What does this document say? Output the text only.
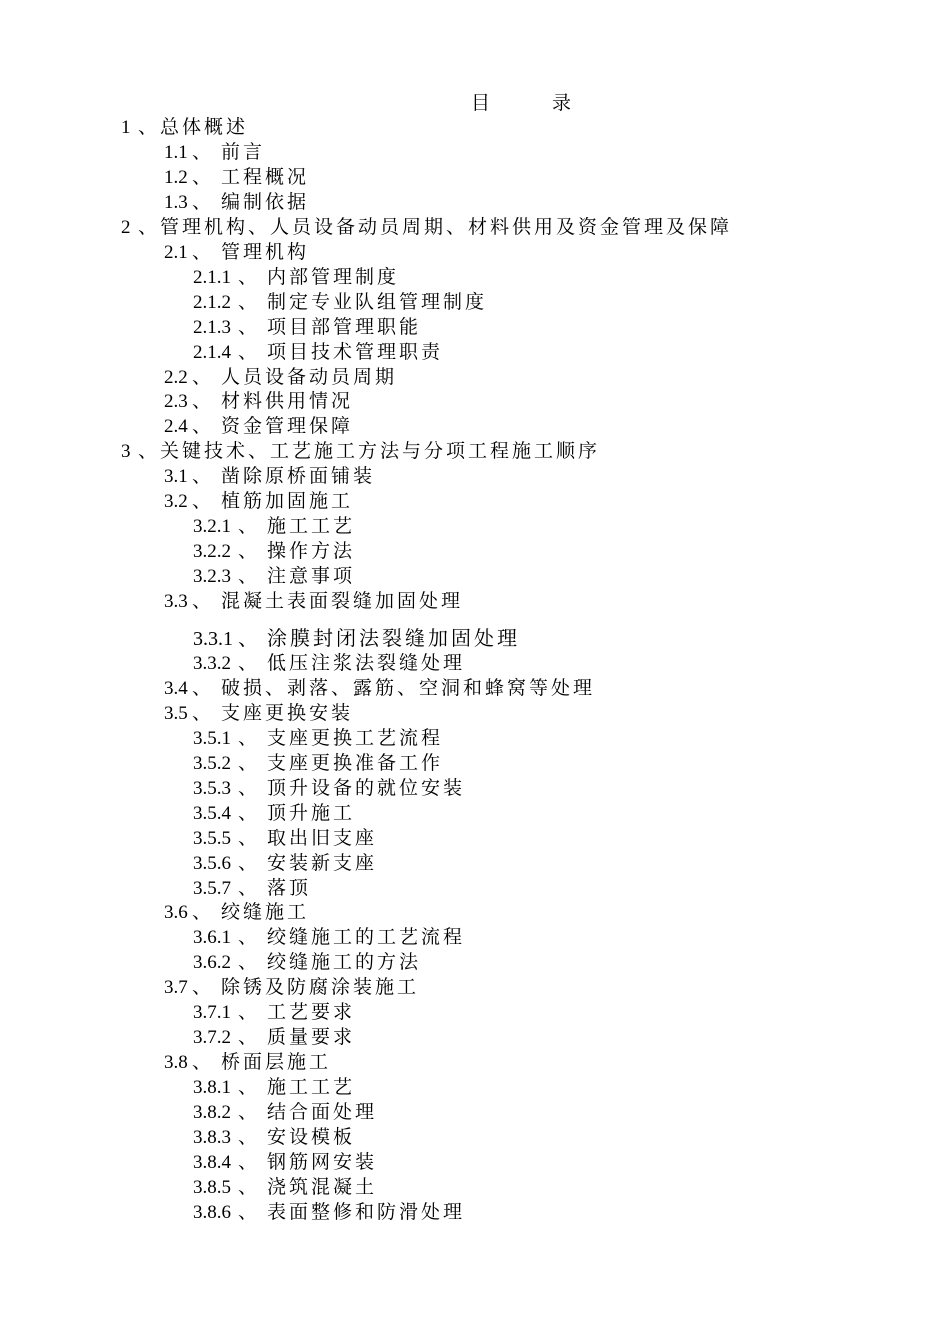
目 录
1 、 总体概述
1.1 、 前言
1.2 、 工程概况
1.3 、 编制依据
2 、 管理机构、人员设备动员周期、材料供用及资金管理及保障
2.1 、 管理机构
2.1.1 、 内部管理制度
2.1.2 、 制定专业队组管理制度
2.1.3 、 项目部管理职能
2.1.4 、 项目技术管理职责
2.2 、 人员设备动员周期
2.3 、 材料供用情况
2.4 、 资金管理保障
3 、 关键技术、工艺施工方法与分项工程施工顺序
3.1 、 凿除原桥面铺装
3.2 、 植筋加固施工
3.2.1 、 施工工艺
3.2.2 、 操作方法
3.2.3 、 注意事项
3.3 、 混凝土表面裂缝加固处理
3.3.1 、 涂膜封闭法裂缝加固处理
3.3.2 、 低压注浆法裂缝处理
3.4 、 破损、剥落、露筋、空洞和蜂窝等处理
3.5 、 支座更换安装
3.5.1 、 支座更换工艺流程
3.5.2 、 支座更换准备工作
3.5.3 、 顶升设备的就位安装
3.5.4 、 顶升施工
3.5.5 、 取出旧支座
3.5.6 、 安装新支座
3.5.7 、 落顶
3.6 、 绞缝施工
3.6.1 、 绞缝施工的工艺流程
3.6.2 、 绞缝施工的方法
3.7 、 除锈及防腐涂装施工
3.7.1 、 工艺要求
3.7.2 、 质量要求
3.8 、 桥面层施工
3.8.1 、 施工工艺
3.8.2 、 结合面处理
3.8.3 、 安设模板
3.8.4 、 钢筋网安装
3.8.5 、 浇筑混凝土
3.8.6 、 表面整修和防滑处理
